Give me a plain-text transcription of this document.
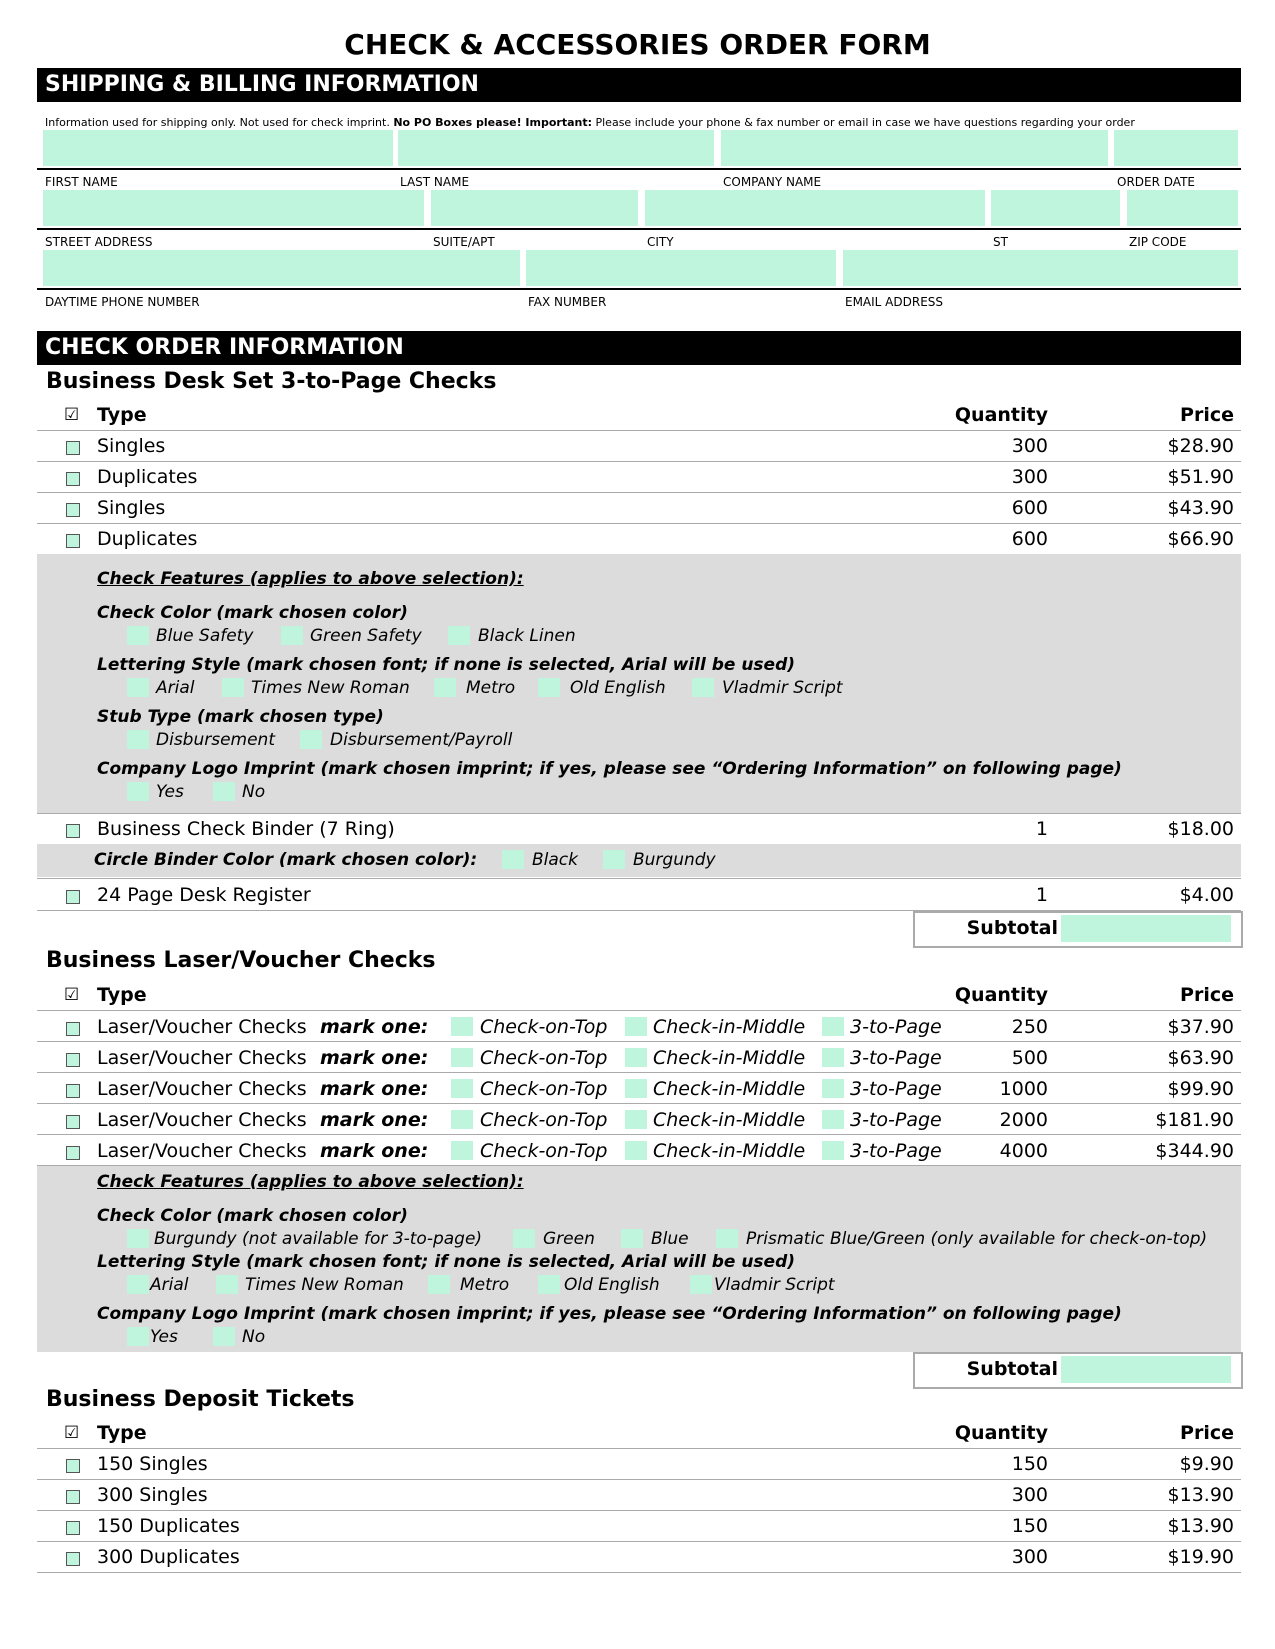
CHECK & ACCESSORIES ORDER FORM
SHIPPING & BILLING INFORMATION
Information used for shipping only. Not used for check imprint. No PO Boxes please! Important: Please include your phone & fax number or email in case we have questions regarding your order
FIRST NAME	LAST NAME	COMPANY NAME	ORDER DATE
STREET ADDRESS	SUITE/APT	CITY	ST	ZIP CODE
DAYTIME PHONE NUMBER	FAX NUMBER	EMAIL ADDRESS
CHECK ORDER INFORMATION
Business Desk Set 3-to-Page Checks
☑ Type	Quantity	Price
Singles	300	$28.90
Duplicates	300	$51.90
Singles	600	$43.90
Duplicates	600	$66.90
Check Features (applies to above selection):
Check Color (mark chosen color)
Blue Safety	Green Safety	Black Linen
Lettering Style (mark chosen font; if none is selected, Arial will be used)
Arial	Times New Roman	Metro	Old English	Vladmir Script
Stub Type (mark chosen type)
Disbursement	Disbursement/Payroll
Company Logo Imprint (mark chosen imprint; if yes, please see “Ordering Information” on following page)
Yes	No
Business Check Binder (7 Ring)	1	$18.00
Circle Binder Color (mark chosen color):	Black	Burgundy
24 Page Desk Register	1	$4.00
Subtotal
Business Laser/Voucher Checks
☑ Type	Quantity	Price
Laser/Voucher Checks mark one:	Check-on-Top Check-in-Middle 3-to-Page	250	$37.90
Laser/Voucher Checks mark one:	Check-on-Top Check-in-Middle 3-to-Page	500	$63.90
Laser/Voucher Checks mark one:	Check-on-Top Check-in-Middle 3-to-Page	1000	$99.90
Laser/Voucher Checks mark one:	Check-on-Top Check-in-Middle 3-to-Page	2000	$181.90
Laser/Voucher Checks mark one:	Check-on-Top Check-in-Middle 3-to-Page	4000	$344.90
Check Features (applies to above selection):
Check Color (mark chosen color)
Burgundy (not available for 3-to-page)	Green	Blue	Prismatic Blue/Green (only available for check-on-top)
Lettering Style (mark chosen font; if none is selected, Arial will be used)
Arial	Times New Roman	Metro	Old English	Vladmir Script
Company Logo Imprint (mark chosen imprint; if yes, please see “Ordering Information” on following page)
Yes	No
Subtotal
Business Deposit Tickets
☑ Type	Quantity	Price
150 Singles	150	$9.90
300 Singles	300	$13.90
150 Duplicates	150	$13.90
300 Duplicates	300	$19.90
